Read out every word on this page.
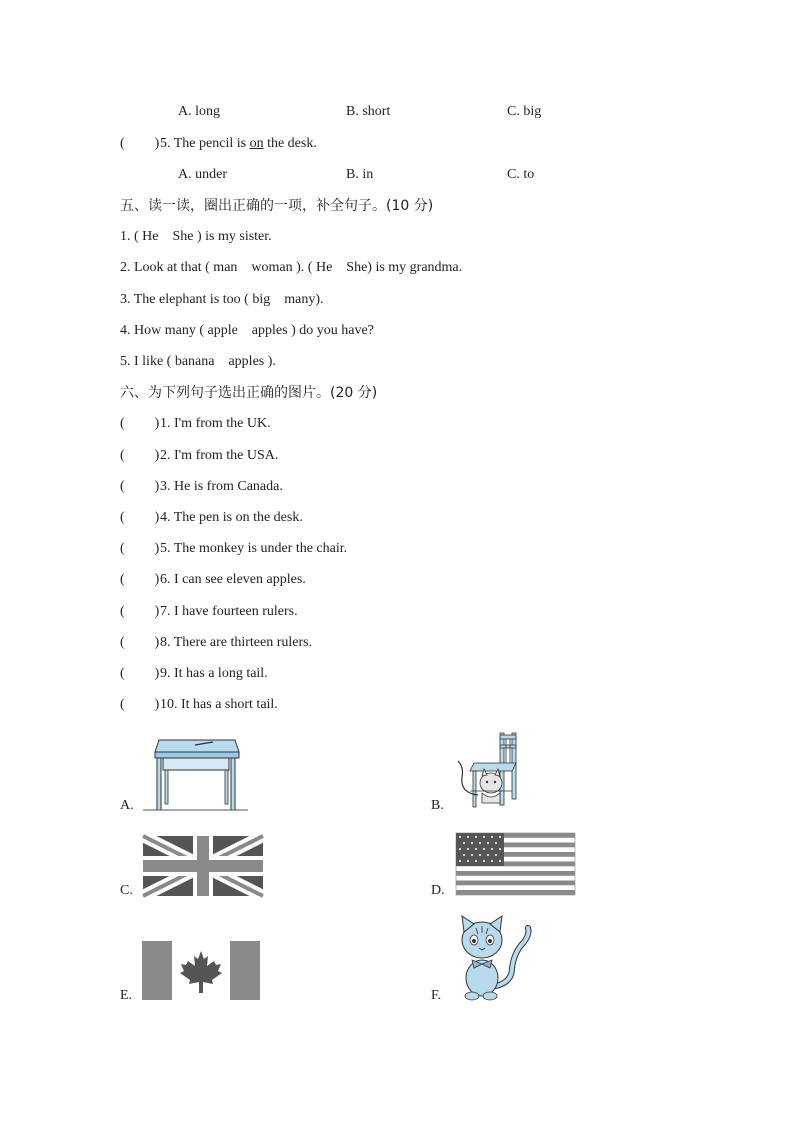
A. long	B. short	C. big
( )5. The pencil is on the desk.
A. under	B. in	C. to
五、读一读，圈出正确的一项，补全句子。(10 分)
1. ( He    She ) is my sister.
2. Look at that ( man    woman ). ( He    She) is my grandma.
3. The elephant is too ( big    many).
4. How many ( apple    apples ) do you have?
5. I like ( banana    apples ).
六、为下列句子选出正确的图片。(20 分)
( )1. I'm from the UK.
( )2. I'm from the USA.
( )3. He is from Canada.
( )4. The pen is on the desk.
( )5. The monkey is under the chair.
( )6. I can see eleven apples.
( )7. I have fourteen rulers.
( )8. There are thirteen rulers.
( )9. It has a long tail.
( )10. It has a short tail.
A.	B.
C.	D.
E.	F.
